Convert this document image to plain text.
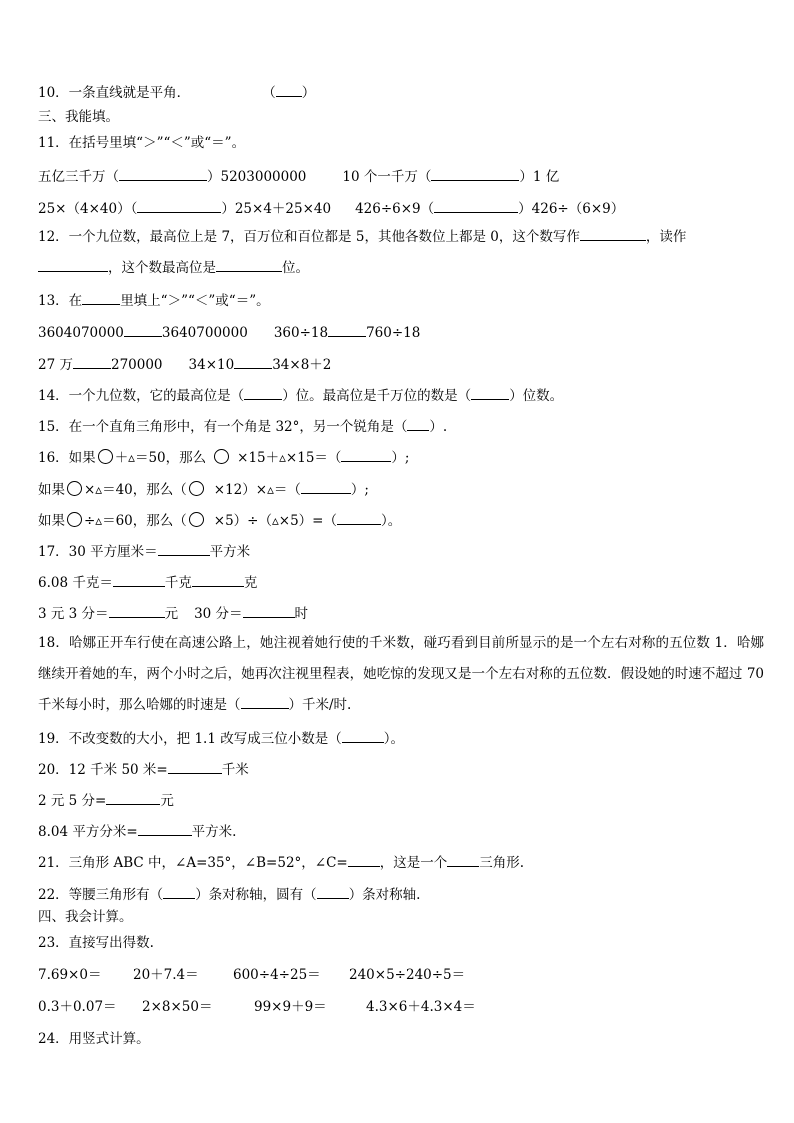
10．一条直线就是平角．	（ ）
三、我能填。
11．在括号里填“＞”“＜”或“＝”。
五亿三千万（	）5203000000	10 个一千万（	）1 亿
25×（4×40）（	）25×4＋25×40 426÷6×9（	）426÷（6×9）
12．一个九位数，最高位上是 7，百万位和百位都是 5，其他各数位上都是 0，这个数写作	，读作
，这个数最高位是	位。
13．在	里填上“＞”“＜”或“＝”。
3604070000	3640700000 360÷18	760÷18
27 万	270000 34×10	34×8＋2
14．一个九位数，它的最高位是（	）位。最高位是千万位的数是（	）位数。
15．在一个直角三角形中，有一个角是 32°，另一个锐角是（ ）.
16．如果 ＋▵＝50，那么 ×15＋▵×15＝（	）;
如果 ×▵＝40，那么（ ×12）×▵＝（	）;
如果 ÷▵＝60，那么（ ×5）÷（▵×5）=（	）。
17．30 平方厘米＝	平方米
6.08 千克＝	千克	克
3 元 3 分＝	元 30 分＝	时
18．哈娜正开车行使在高速公路上，她注视着她行使的千米数，碰巧看到目前所显示的是一个左右对称的五位数 1．哈娜继续开着她的车，两个小时之后，她再次注视里程表，她吃惊的发现又是一个左右对称的五位数．假设她的时速不超过 70 千米每小时，那么哈娜的时速是（	）千米/时.
19．不改变数的大小，把 1.1 改写成三位小数是（	）。
20．12 千米 50 米=	千米
2 元 5 分=	元
8.04 平方分米=	平方米.
21．三角形 ABC 中，∠A=35°，∠B=52°，∠C= ，这是一个 三角形.
22．等腰三角形有（ ）条对称轴，圆有（ ）条对称轴.
四、我会计算。
23．直接写出得数.
7.69×0＝ 20＋7.4＝	600÷4÷25＝ 240×5÷240÷5＝
0.3＋0.07＝ 2×8×50＝	99×9＋9＝	4.3×6＋4.3×4＝
24．用竖式计算。
